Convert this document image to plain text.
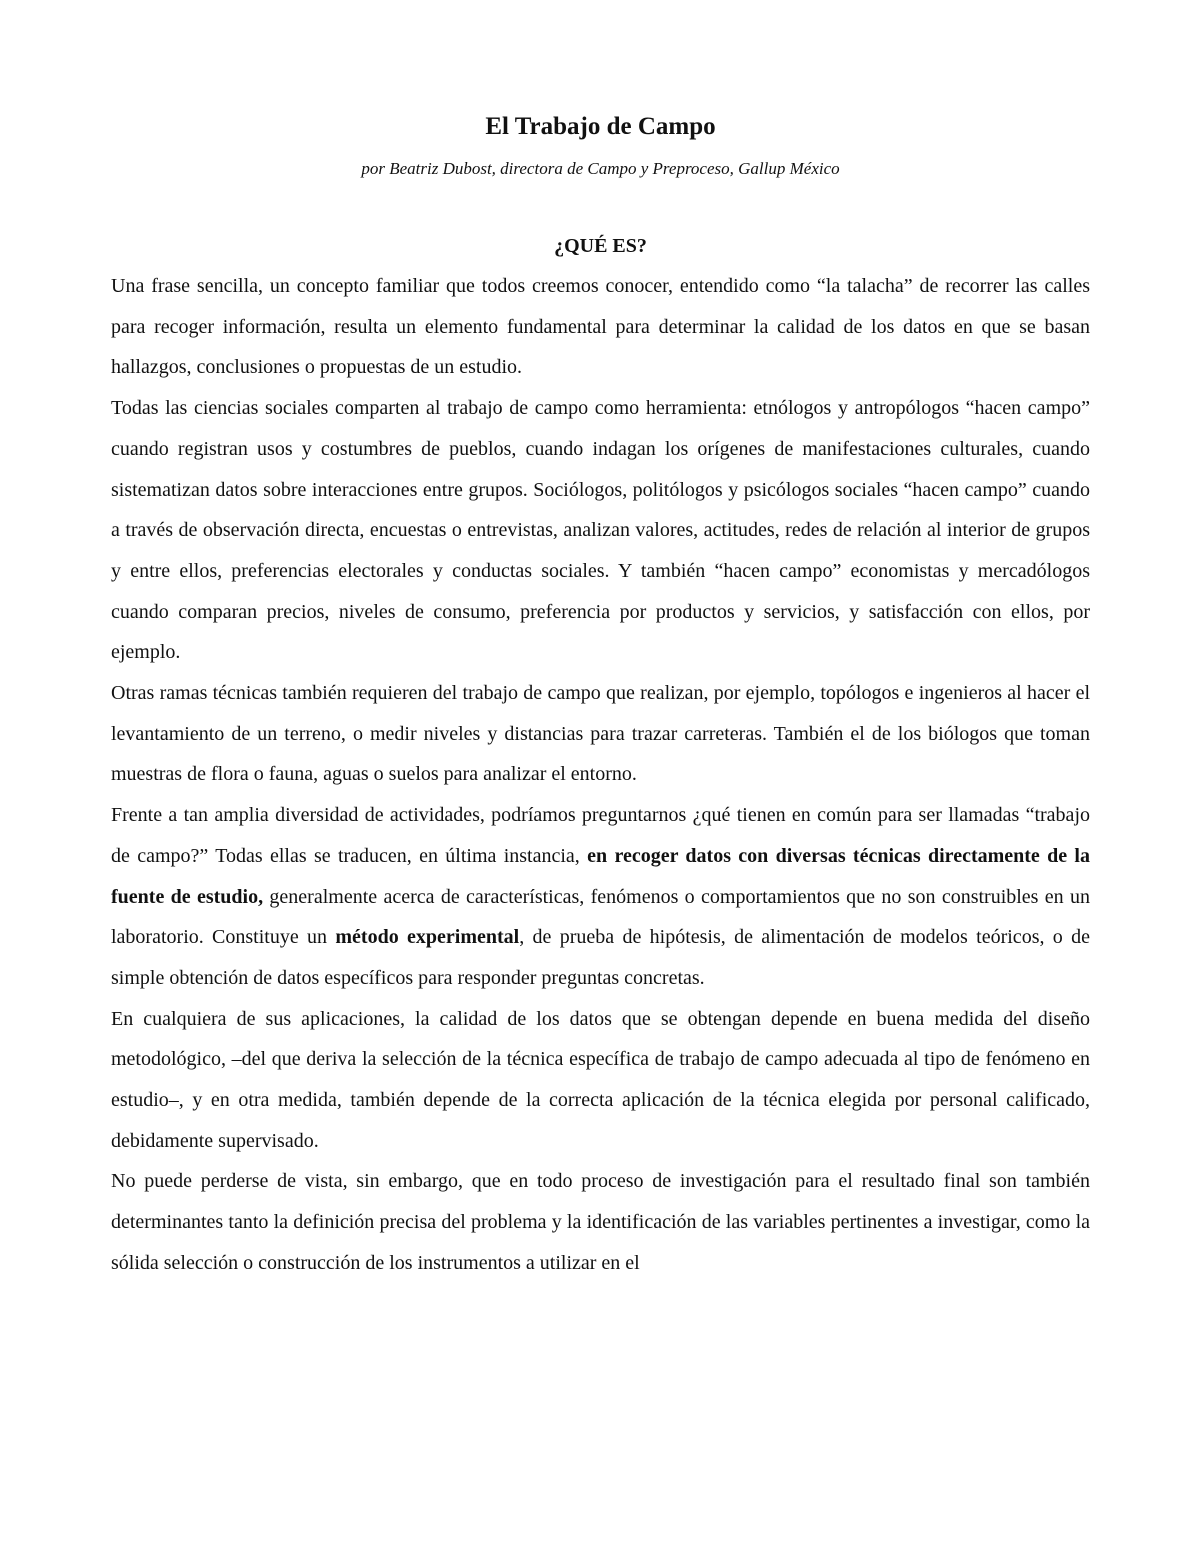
El Trabajo de Campo

por Beatriz Dubost, directora de Campo y Preproceso, Gallup México

¿QUÉ ES?

Una frase sencilla, un concepto familiar que todos creemos conocer, entendido como “la talacha” de recorrer las calles para recoger información, resulta un elemento fundamental para determinar la calidad de los datos en que se basan hallazgos, conclusiones o propuestas de un estudio.

Todas las ciencias sociales comparten al trabajo de campo como herramienta: etnólogos y antropólogos “hacen campo” cuando registran usos y costumbres de pueblos, cuando indagan los orígenes de manifestaciones culturales, cuando sistematizan datos sobre interacciones entre grupos. Sociólogos, politólogos y psicólogos sociales “hacen campo” cuando a través de observación directa, encuestas o entrevistas, analizan valores, actitudes, redes de relación al interior de grupos y entre ellos, preferencias electorales y conductas sociales. Y también “hacen campo” economistas y mercadólogos cuando comparan precios, niveles de consumo, preferencia por productos y servicios, y satisfacción con ellos, por ejemplo.

Otras ramas técnicas también requieren del trabajo de campo que realizan, por ejemplo, topólogos e ingenieros al hacer el levantamiento de un terreno, o medir niveles y distancias para trazar carreteras. También el de los biólogos que toman muestras de flora o fauna, aguas o suelos para analizar el entorno.

Frente a tan amplia diversidad de actividades, podríamos preguntarnos ¿qué tienen en común para ser llamadas “trabajo de campo?” Todas ellas se traducen, en última instancia, en recoger datos con diversas técnicas directamente de la fuente de estudio, generalmente acerca de características, fenómenos o comportamientos que no son construibles en un laboratorio. Constituye un método experimental, de prueba de hipótesis, de alimentación de modelos teóricos, o de simple obtención de datos específicos para responder preguntas concretas.

En cualquiera de sus aplicaciones, la calidad de los datos que se obtengan depende en buena medida del diseño metodológico, –del que deriva la selección de la técnica específica de trabajo de campo adecuada al tipo de fenómeno en estudio–, y en otra medida, también depende de la correcta aplicación de la técnica elegida por personal calificado, debidamente supervisado.

No puede perderse de vista, sin embargo, que en todo proceso de investigación para el resultado final son también determinantes tanto la definición precisa del problema y la identificación de las variables pertinentes a investigar, como la sólida selección o construcción de los instrumentos a utilizar en el
